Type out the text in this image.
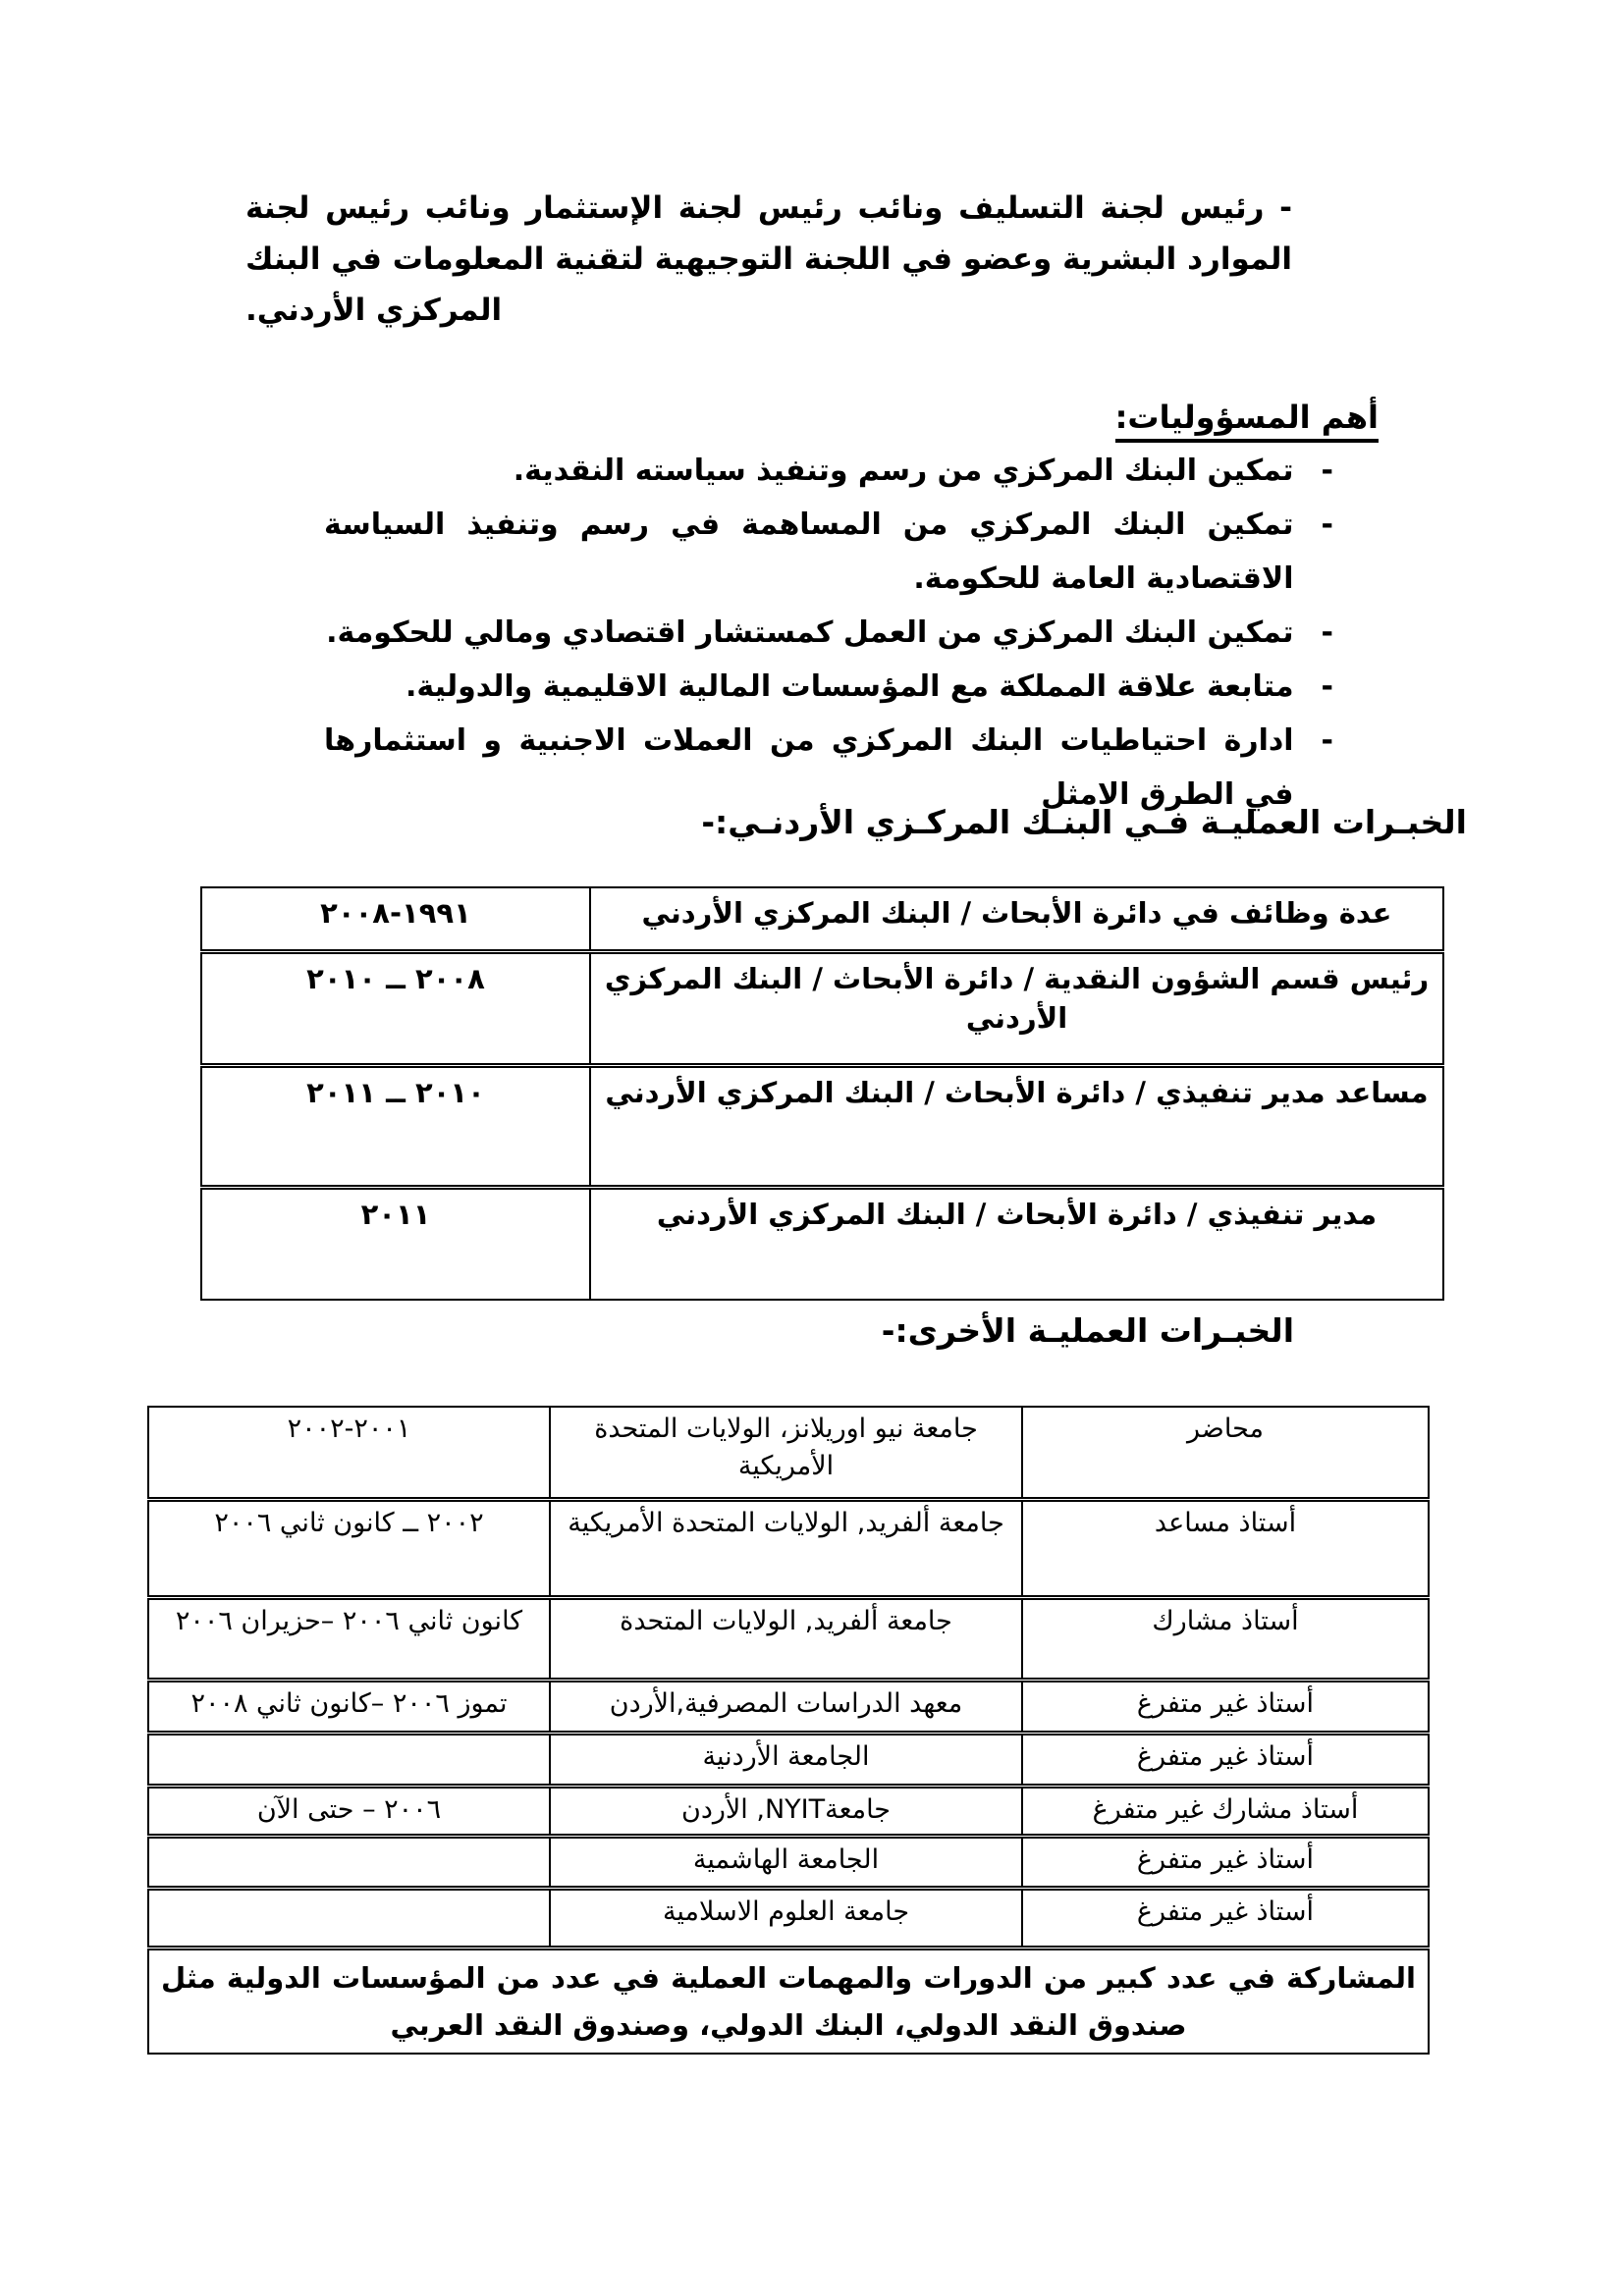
- رئيس لجنة التسليف ونائب رئيس لجنة الإستثمار ونائب رئيس لجنة الموارد البشرية وعضو في اللجنة التوجيهية لتقنية المعلومات في البنك المركزي الأردني.

أهم المسؤوليات:
-
تمكين البنك المركزي من رسم وتنفيذ سياسته النقدية.
-
تمكين البنك المركزي من المساهمة في رسم وتنفيذ السياسة الاقتصادية العامة للحكومة.
-
تمكين البنك المركزي من العمل كمستشار اقتصادي ومالي للحكومة.
-
متابعة علاقة المملكة مع المؤسسات المالية الاقليمية والدولية.
-
ادارة احتياطيات البنك المركزي من العملات الاجنبية و استثمارها في الطرق الامثل
الخبـرات العمليـة فـي البنـك المركـزي الأردنـي:-
عدة وظائف في دائرة الأبحاث / البنك المركزي الأردني	١٩٩١-٢٠٠٨
رئيس قسم الشؤون النقدية / دائرة الأبحاث / البنك المركزي الأردني	٢٠٠٨ ــ ٢٠١٠
مساعد مدير تنفيذي / دائرة الأبحاث / البنك المركزي الأردني	٢٠١٠ ــ ٢٠١١
مدير تنفيذي / دائرة الأبحاث / البنك المركزي الأردني	٢٠١١
الخبـرات العمليـة الأخرى:-
محاضر	جامعة نيو اوريلانز، الولايات المتحدة الأمريكية	٢٠٠١-٢٠٠٢
أستاذ مساعد	جامعة ألفريد, الولايات المتحدة الأمريكية	٢٠٠٢ ــ كانون ثاني ٢٠٠٦
أستاذ مشارك	جامعة ألفريد, الولايات المتحدة	كانون ثاني ٢٠٠٦ –حزيران ٢٠٠٦
أستاذ غير متفرغ	معهد الدراسات المصرفية,الأردن	تموز ٢٠٠٦ –كانون ثاني ٢٠٠٨
أستاذ غير متفرغ	الجامعة الأردنية	
أستاذ مشارك غير متفرغ	جامعةNYIT, الأردن	٢٠٠٦ – حتى الآن
أستاذ غير متفرغ	الجامعة الهاشمية	
أستاذ غير متفرغ	جامعة العلوم الاسلامية	
المشاركة في عدد كبير من الدورات والمهمات العملية في عدد من المؤسسات الدولية مثل صندوق النقد الدولي، البنك الدولي، وصندوق النقد العربي		
